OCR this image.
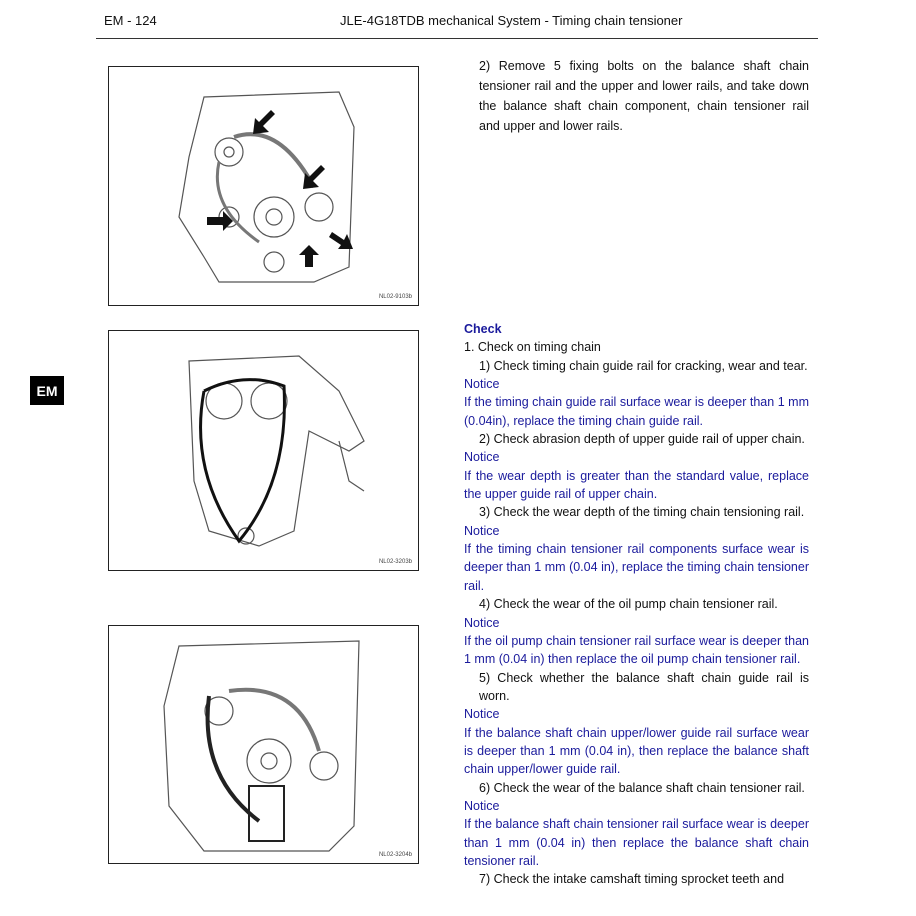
EM - 124	JLE-4G18TDB mechanical System - Timing chain tensioner
EM
NL02-9103b
NL02-3203b
NL02-3204b

2) Remove 5 fixing bolts on the balance shaft chain tensioner rail and the upper and lower rails, and take down the balance shaft chain component, chain tensioner rail and upper and lower rails.

Check

1. Check on timing chain

1) Check timing chain guide rail for cracking, wear and tear.

Notice

If the timing chain guide rail surface wear is deeper than 1 mm (0.04in), replace the timing chain guide rail.

2) Check abrasion depth of upper guide rail of upper chain.

Notice

If the wear depth is greater than the standard value, replace the upper guide rail of upper chain.

3) Check the wear depth of the timing chain tensioning rail.

Notice

If the timing chain tensioner rail components surface wear is deeper than 1 mm (0.04 in), replace the timing chain tensioner rail.

4) Check the wear of the oil pump chain tensioner rail.

Notice

If the oil pump chain tensioner rail surface wear is deeper than 1 mm (0.04 in) then replace the oil pump chain tensioner rail.

5) Check whether the balance shaft chain guide rail is worn.

Notice

If the balance shaft chain upper/lower guide rail surface wear is deeper than 1 mm (0.04 in), then replace the balance shaft chain upper/lower guide rail.

6) Check the wear of the balance shaft chain tensioner rail.

Notice

If the balance shaft chain tensioner rail surface wear is deeper than 1 mm (0.04 in) then replace the balance shaft chain tensioner rail.

7) Check the intake camshaft timing sprocket teeth and
